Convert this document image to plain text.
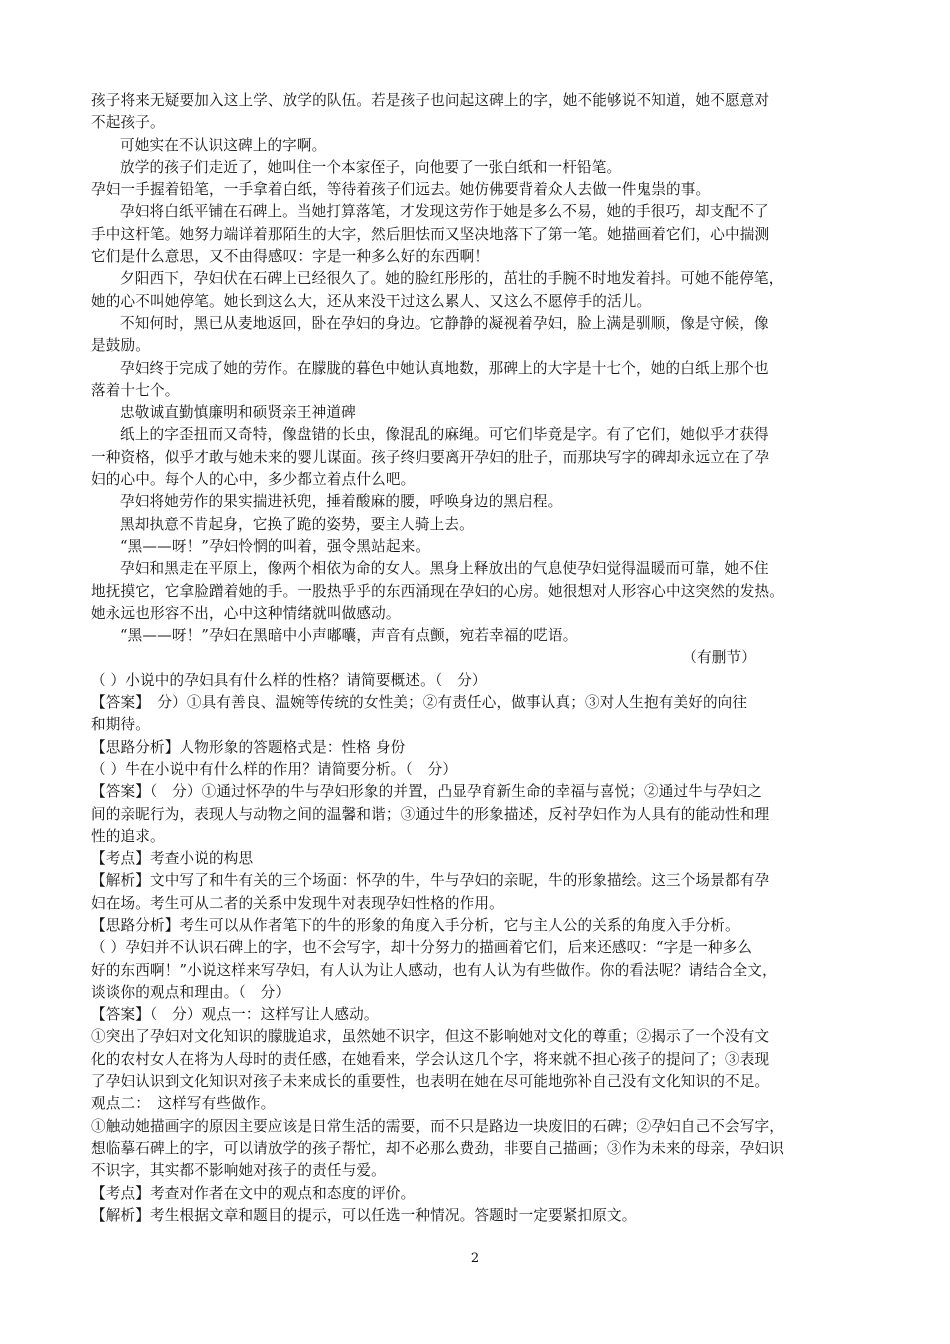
孩子将来无疑要加入这上学、放学的队伍。若是孩子也问起这碑上的字，她不能够说不知道，她不愿意对
不起孩子。
可她实在不认识这碑上的字啊。
放学的孩子们走近了，她叫住一个本家侄子，向他要了一张白纸和一杆铅笔。
孕妇一手握着铅笔，一手拿着白纸，等待着孩子们远去。她仿佛要背着众人去做一件鬼祟的事。
孕妇将白纸平铺在石碑上。当她打算落笔，才发现这劳作于她是多么不易，她的手很巧，却支配不了
手中这杆笔。她努力端详着那陌生的大字，然后胆怯而又坚决地落下了第一笔。她描画着它们，心中揣测
它们是什么意思，又不由得感叹：字是一种多么好的东西啊！
夕阳西下，孕妇伏在石碑上已经很久了。她的脸红彤彤的，茁壮的手腕不时地发着抖。可她不能停笔，
她的心不叫她停笔。她长到这么大，还从来没干过这么累人、又这么不愿停手的活儿。
不知何时，黑已从麦地返回，卧在孕妇的身边。它静静的凝视着孕妇，脸上满是驯顺，像是守候，像
是鼓励。
孕妇终于完成了她的劳作。在朦胧的暮色中她认真地数，那碑上的大字是十七个，她的白纸上那个也
落着十七个。
忠敬诚直勤慎廉明和硕贤亲王神道碑
纸上的字歪扭而又奇特，像盘错的长虫，像混乱的麻绳。可它们毕竟是字。有了它们，她似乎才获得
一种资格，似乎才敢与她未来的婴儿谋面。孩子终归要离开孕妇的肚子，而那块写字的碑却永远立在了孕
妇的心中。每个人的心中，多少都立着点什么吧。
孕妇将她劳作的果实揣进袄兜，捶着酸麻的腰，呼唤身边的黑启程。
黑却执意不肯起身，它换了跪的姿势，要主人骑上去。
“黑——呀！”孕妇怜惘的叫着，强令黑站起来。
孕妇和黑走在平原上，像两个相依为命的女人。黑身上释放出的气息使孕妇觉得温暖而可靠，她不住
地抚摸它，它拿脸蹭着她的手。一股热乎乎的东西涌现在孕妇的心房。她很想对人形容心中这突然的发热。
她永远也形容不出，心中这种情绪就叫做感动。
“黑——呀！”孕妇在黑暗中小声嘟囔，声音有点颤，宛若幸福的呓语。
（有删节）
（ ）小说中的孕妇具有什么样的性格？请简要概述。（　分）
【答案】　分）①具有善良、温婉等传统的女性美；②有责任心，做事认真；③对人生抱有美好的向往
和期待。
【思路分析】人物形象的答题格式是：性格 身份
（ ）牛在小说中有什么样的作用？请简要分析。（　分）
【答案】（　分）①通过怀孕的牛与孕妇形象的并置，凸显孕育新生命的幸福与喜悦；②通过牛与孕妇之
间的亲昵行为，表现人与动物之间的温馨和谐；③通过牛的形象描述，反衬孕妇作为人具有的能动性和理
性的追求。
【考点】考查小说的构思
【解析】文中写了和牛有关的三个场面：怀孕的牛，牛与孕妇的亲昵，牛的形象描绘。这三个场景都有孕
妇在场。考生可从二者的关系中发现牛对表现孕妇性格的作用。
【思路分析】考生可以从作者笔下的牛的形象的角度入手分析，它与主人公的关系的角度入手分析。
（ ）孕妇并不认识石碑上的字，也不会写字，却十分努力的描画着它们，后来还感叹：“字是一种多么
好的东西啊！”小说这样来写孕妇，有人认为让人感动，也有人认为有些做作。你的看法呢？请结合全文，
谈谈你的观点和理由。（　分）
【答案】（　分）观点一：这样写让人感动。
①突出了孕妇对文化知识的朦胧追求，虽然她不识字，但这不影响她对文化的尊重；②揭示了一个没有文
化的农村女人在将为人母时的责任感，在她看来，学会认这几个字，将来就不担心孩子的提问了；③表现
了孕妇认识到文化知识对孩子未来成长的重要性，也表明在她在尽可能地弥补自己没有文化知识的不足。
观点二：　这样写有些做作。
①触动她描画字的原因主要应该是日常生活的需要，而不只是路边一块废旧的石碑；②孕妇自己不会写字，
想临摹石碑上的字，可以请放学的孩子帮忙，却不必那么费劲，非要自己描画；③作为未来的母亲，孕妇识
不识字，其实都不影响她对孩子的责任与爱。
【考点】考查对作者在文中的观点和态度的评价。
【解析】考生根据文章和题目的提示，可以任选一种情况。答题时一定要紧扣原文。
2
